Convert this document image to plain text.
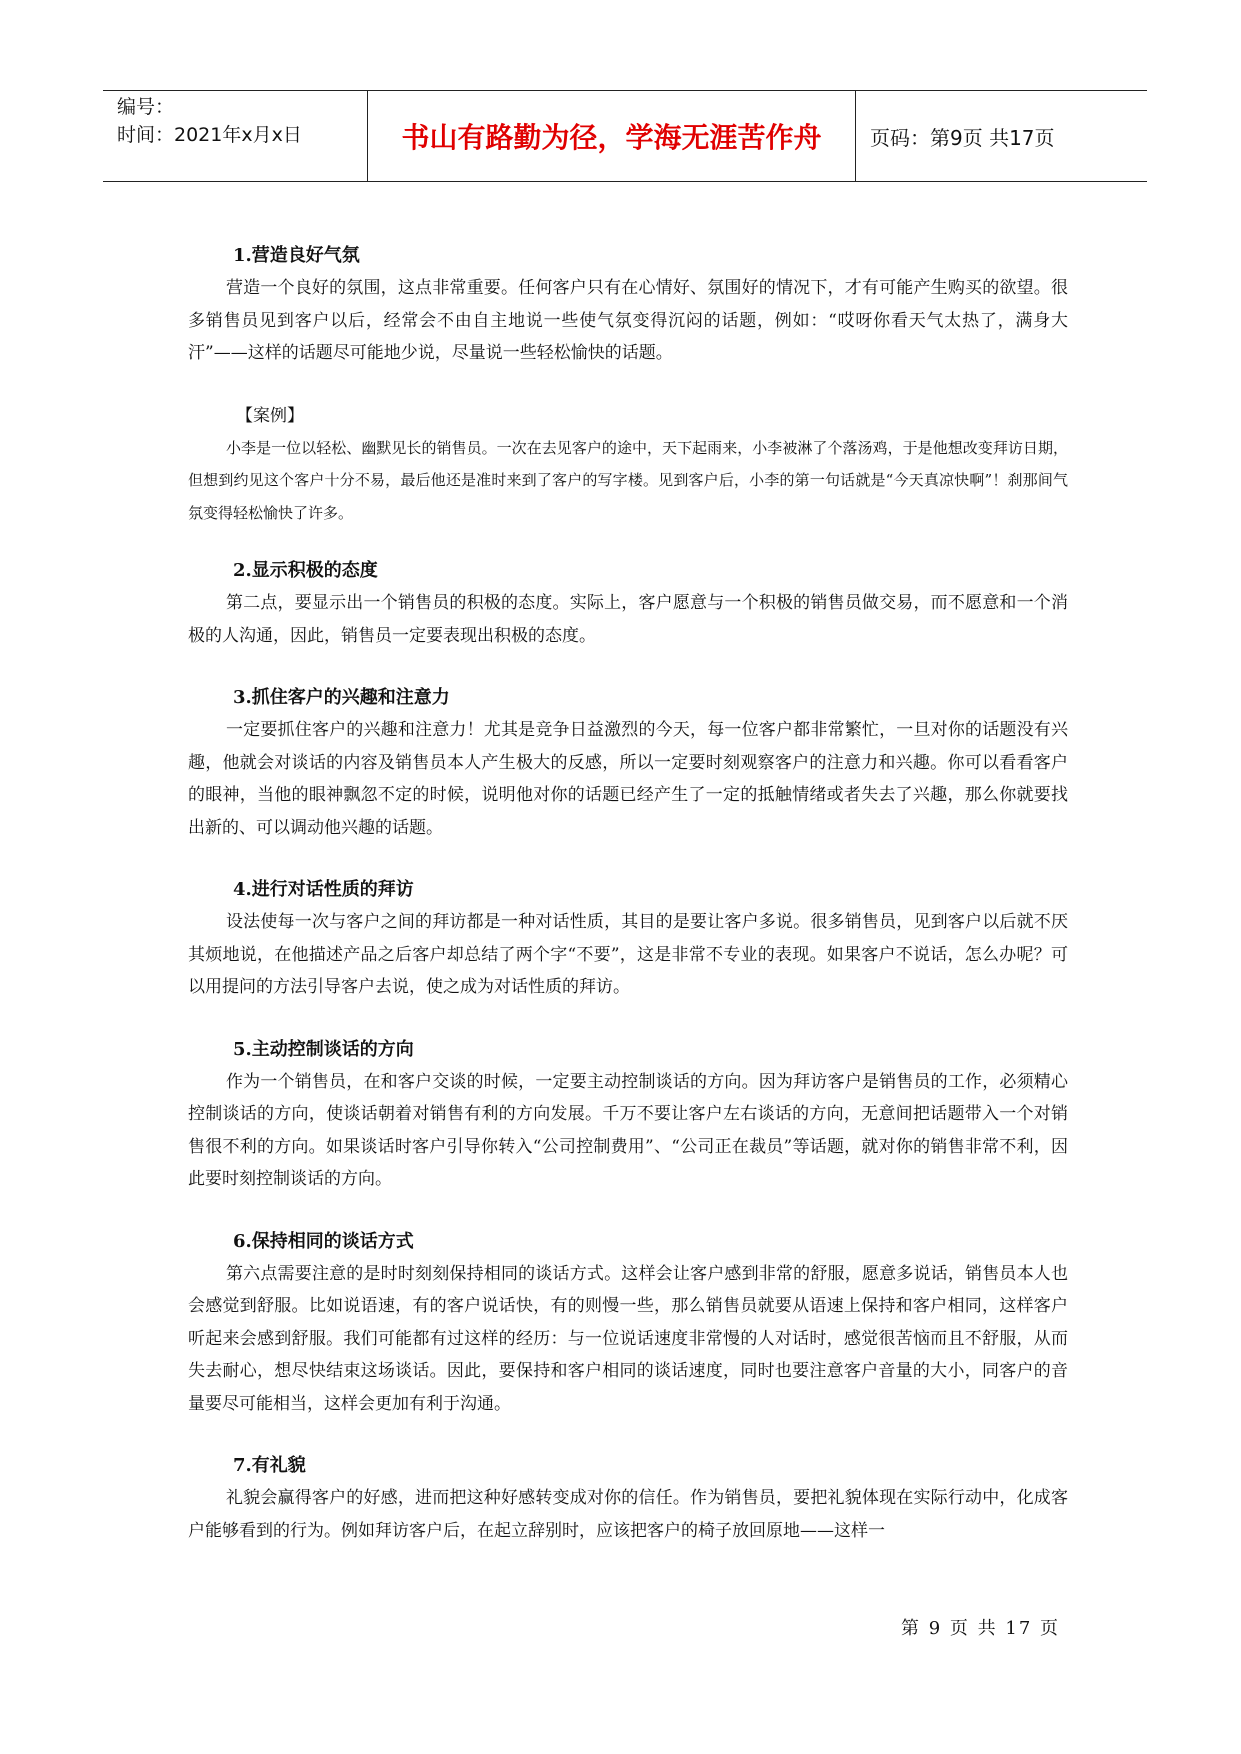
编号：
时间：2021年x月x日	书山有路勤为径，学海无涯苦作舟	页码：第9页 共17页

1.营造良好气氛

营造一个良好的氛围，这点非常重要。任何客户只有在心情好、氛围好的情况下，才有可能产生购买的欲望。很多销售员见到客户以后，经常会不由自主地说一些使气氛变得沉闷的话题，例如：“哎呀你看天气太热了，满身大汗”——这样的话题尽可能地少说，尽量说一些轻松愉快的话题。

【案例】

小李是一位以轻松、幽默见长的销售员。一次在去见客户的途中，天下起雨来，小李被淋了个落汤鸡，于是他想改变拜访日期，但想到约见这个客户十分不易，最后他还是准时来到了客户的写字楼。见到客户后，小李的第一句话就是“今天真凉快啊”！刹那间气氛变得轻松愉快了许多。

2.显示积极的态度

第二点，要显示出一个销售员的积极的态度。实际上，客户愿意与一个积极的销售员做交易，而不愿意和一个消极的人沟通，因此，销售员一定要表现出积极的态度。

3.抓住客户的兴趣和注意力

一定要抓住客户的兴趣和注意力！尤其是竞争日益激烈的今天，每一位客户都非常繁忙，一旦对你的话题没有兴趣，他就会对谈话的内容及销售员本人产生极大的反感，所以一定要时刻观察客户的注意力和兴趣。你可以看看客户的眼神，当他的眼神飘忽不定的时候，说明他对你的话题已经产生了一定的抵触情绪或者失去了兴趣，那么你就要找出新的、可以调动他兴趣的话题。

4.进行对话性质的拜访

设法使每一次与客户之间的拜访都是一种对话性质，其目的是要让客户多说。很多销售员，见到客户以后就不厌其烦地说，在他描述产品之后客户却总结了两个字“不要”，这是非常不专业的表现。如果客户不说话，怎么办呢？可以用提问的方法引导客户去说，使之成为对话性质的拜访。

5.主动控制谈话的方向

作为一个销售员，在和客户交谈的时候，一定要主动控制谈话的方向。因为拜访客户是销售员的工作，必须精心控制谈话的方向，使谈话朝着对销售有利的方向发展。千万不要让客户左右谈话的方向，无意间把话题带入一个对销售很不利的方向。如果谈话时客户引导你转入“公司控制费用”、“公司正在裁员”等话题，就对你的销售非常不利，因此要时刻控制谈话的方向。

6.保持相同的谈话方式

第六点需要注意的是时时刻刻保持相同的谈话方式。这样会让客户感到非常的舒服，愿意多说话，销售员本人也会感觉到舒服。比如说语速，有的客户说话快，有的则慢一些，那么销售员就要从语速上保持和客户相同，这样客户听起来会感到舒服。我们可能都有过这样的经历：与一位说话速度非常慢的人对话时，感觉很苦恼而且不舒服，从而失去耐心，想尽快结束这场谈话。因此，要保持和客户相同的谈话速度，同时也要注意客户音量的大小，同客户的音量要尽可能相当，这样会更加有利于沟通。

7.有礼貌

礼貌会赢得客户的好感，进而把这种好感转变成对你的信任。作为销售员，要把礼貌体现在实际行动中，化成客户能够看到的行为。例如拜访客户后，在起立辞别时，应该把客户的椅子放回原地——这样一

第 9 页 共 17 页
